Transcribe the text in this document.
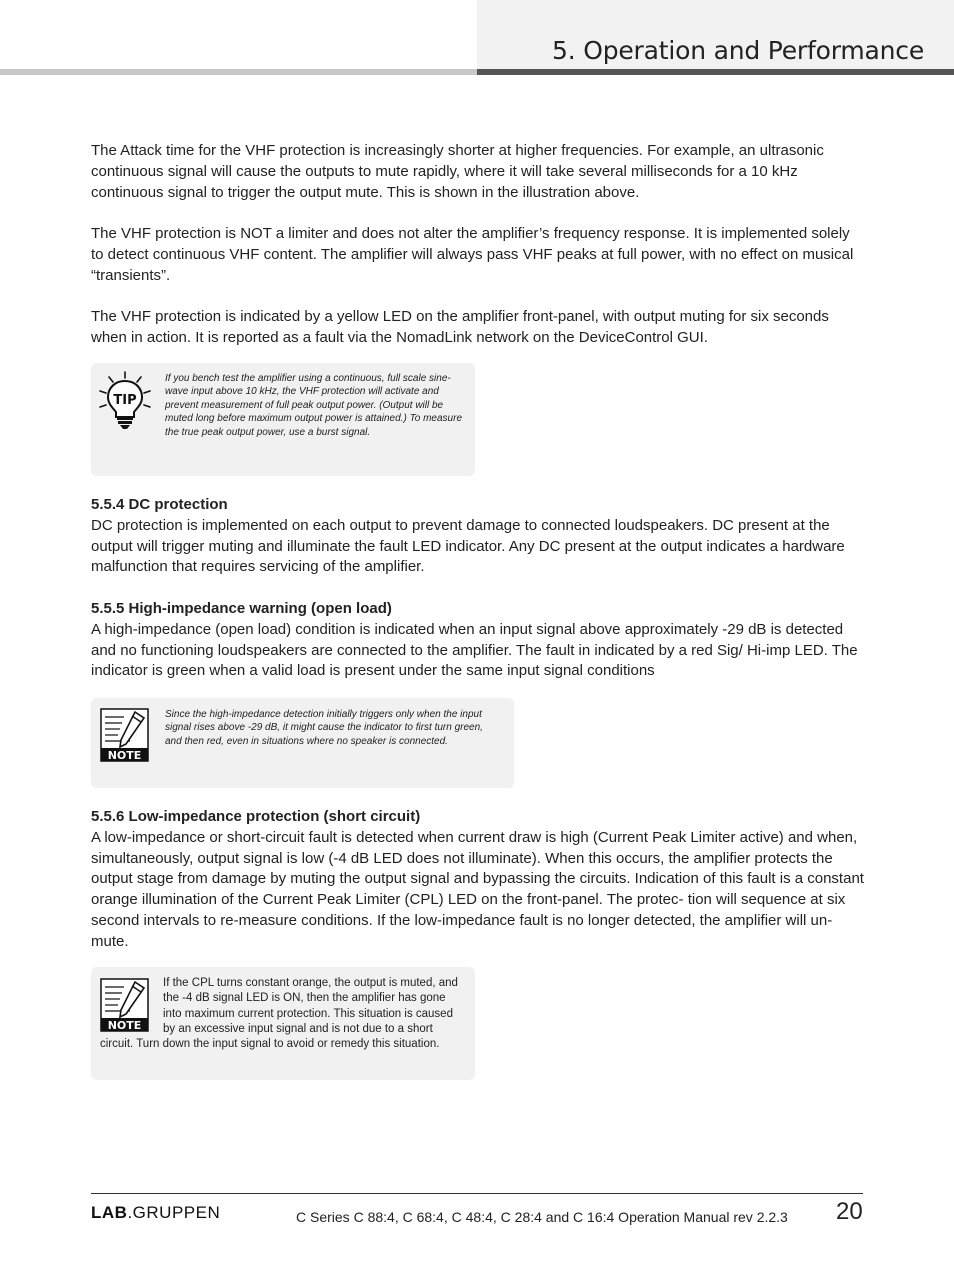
5. Operation and Performance

The Attack time for the VHF protection is increasingly shorter at higher frequencies. For example, an ultrasonic continuous signal will cause the outputs to mute rapidly, where it will take several milliseconds for a 10 kHz continuous signal to trigger the output mute. This is shown in the illustration above.

The VHF protection is NOT a limiter and does not alter the amplifier’s frequency response. It is implemented solely to detect continuous VHF content. The amplifier will always pass VHF peaks at full power, with no effect on musical “transients”.

The VHF protection is indicated by a yellow LED on the amplifier front-panel, with output muting for six seconds when in action. It is reported as a fault via the NomadLink network on the DeviceControl GUI.

TIP
If you bench test the amplifier using a continuous, full scale sine-wave input above 10 kHz, the VHF protection will activate and prevent measurement of full peak output power. (Output will be muted long before maximum output power is attained.) To measure the true peak output power, use a burst signal.
5.5.4 DC protection
DC protection is implemented on each output to prevent damage to connected loudspeakers. DC present at the output will trigger muting and illuminate the fault LED indicator. Any DC present at the output indicates a hardware malfunction that requires servicing of the amplifier.
5.5.5 High-impedance warning (open load)
A high-impedance (open load) condition is indicated when an input signal above approximately -29 dB is detected and no functioning loudspeakers are connected to the amplifier. The fault in indicated by a red Sig/ Hi-imp LED. The indicator is green when a valid load is present under the same input signal conditions
NOTE
Since the high-impedance detection initially triggers only when the input signal rises above -29 dB, it might cause the indicator to first turn green, and then red, even in situations where no speaker is connected.
5.5.6 Low-impedance protection (short circuit)
A low-impedance or short-circuit fault is detected when current draw is high (Current Peak Limiter active) and when, simultaneously, output signal is low (-4 dB LED does not illuminate). When this occurs, the amplifier protects the output stage from damage by muting the output signal and bypassing the circuits. Indication of this fault is a constant orange illumination of the Current Peak Limiter (CPL) LED on the front-panel. The protec- tion will sequence at six second intervals to re-measure conditions. If the low-impedance fault is no longer detected, the amplifier will un-mute.
NOTE
If the CPL turns constant orange, the output is muted, and the -4 dB signal LED is ON, then the amplifier has gone into maximum current protection. This situation is caused by an excessive input signal and is not due to a short circuit. Turn down the input signal to avoid or remedy this situation.
LAB.GRUPPEN	C Series C 88:4, C 68:4, C 48:4, C 28:4 and C 16:4 Operation Manual rev 2.2.3 20
